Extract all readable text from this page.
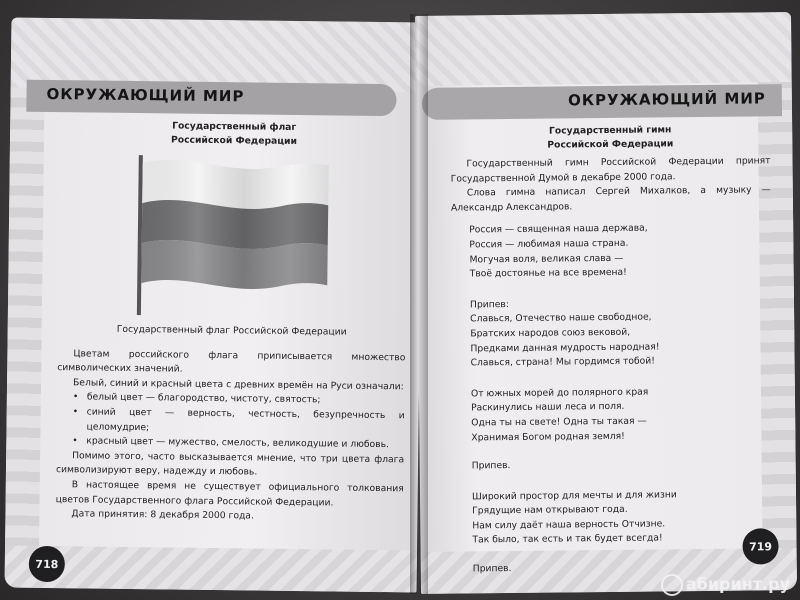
ОКРУЖАЮЩИЙ МИР
Государственный флаг
Российской Федерации
Государственный флаг Российской Федерации

Цветам российского флага приписывается множество символических значений.

Белый, синий и красный цвета с древних времён на Руси означали:

• белый цвет — благородство, чистоту, святость;
• синий цвет — верность, честность, безупречность и целомудрие;
• красный цвет — мужество, смелость, великодушие и любовь.

Помимо этого, часто высказывается мнение, что три цвета флага символизируют веру, надежду и любовь.

В настоящее время не существует официального толкования цветов Государственного флага Российской Федерации.

Дата принятия: 8 декабря 2000 года.

718
ОКРУЖАЮЩИЙ МИР
Государственный гимн
Российской Федерации

Государственный гимн Российской Федерации принят Государственной Думой в декабре 2000 года.

Слова гимна написал Сергей Михалков, а музыку — Александр Александров.

Россия — священная наша держава,
Россия — любимая наша страна.
Могучая воля, великая слава —
Твоё достоянье на все времена!
Припев:
Славься, Отечество наше свободное,
Братских народов союз вековой,
Предками данная мудрость народная!
Славься, страна! Мы гордимся тобой!
От южных морей до полярного края
Раскинулись наши леса и поля.
Одна ты на свете! Одна ты такая —
Хранимая Богом родная земля!
Припев.
Широкий простор для мечты и для жизни
Грядущие нам открывают года.
Нам силу даёт наша верность Отчизне.
Так было, так есть и так будет всегда!
Припев.
719
абиринт.ру
